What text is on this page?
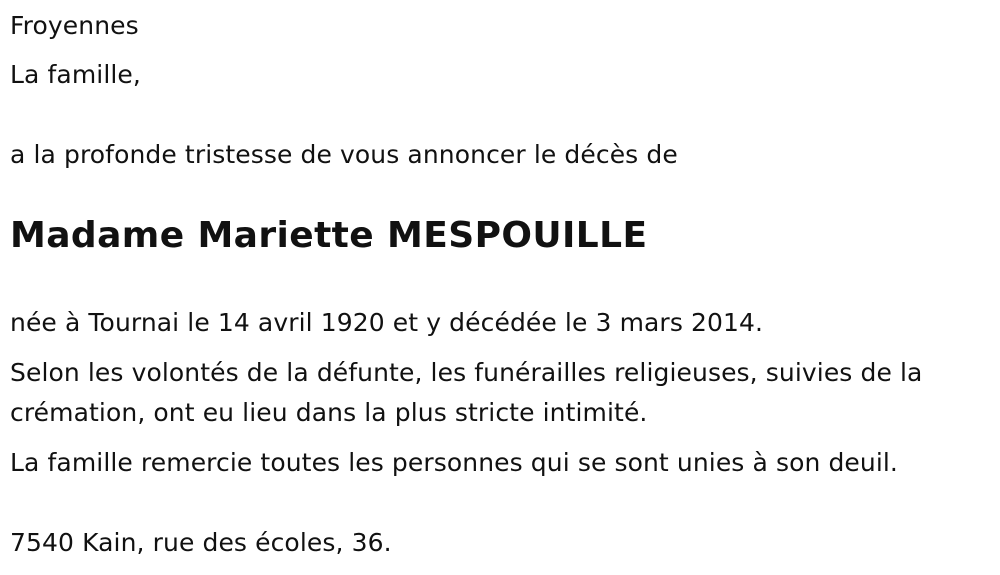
Froyennes
La famille,
a la profonde tristesse de vous annoncer le décès de
Madame Mariette MESPOUILLE
née à Tournai le 14 avril 1920 et y décédée le 3 mars 2014.
Selon les volontés de la défunte, les funérailles religieuses, suivies de la
crémation, ont eu lieu dans la plus stricte intimité.
La famille remercie toutes les personnes qui se sont unies à son deuil.
7540 Kain, rue des écoles, 36.
